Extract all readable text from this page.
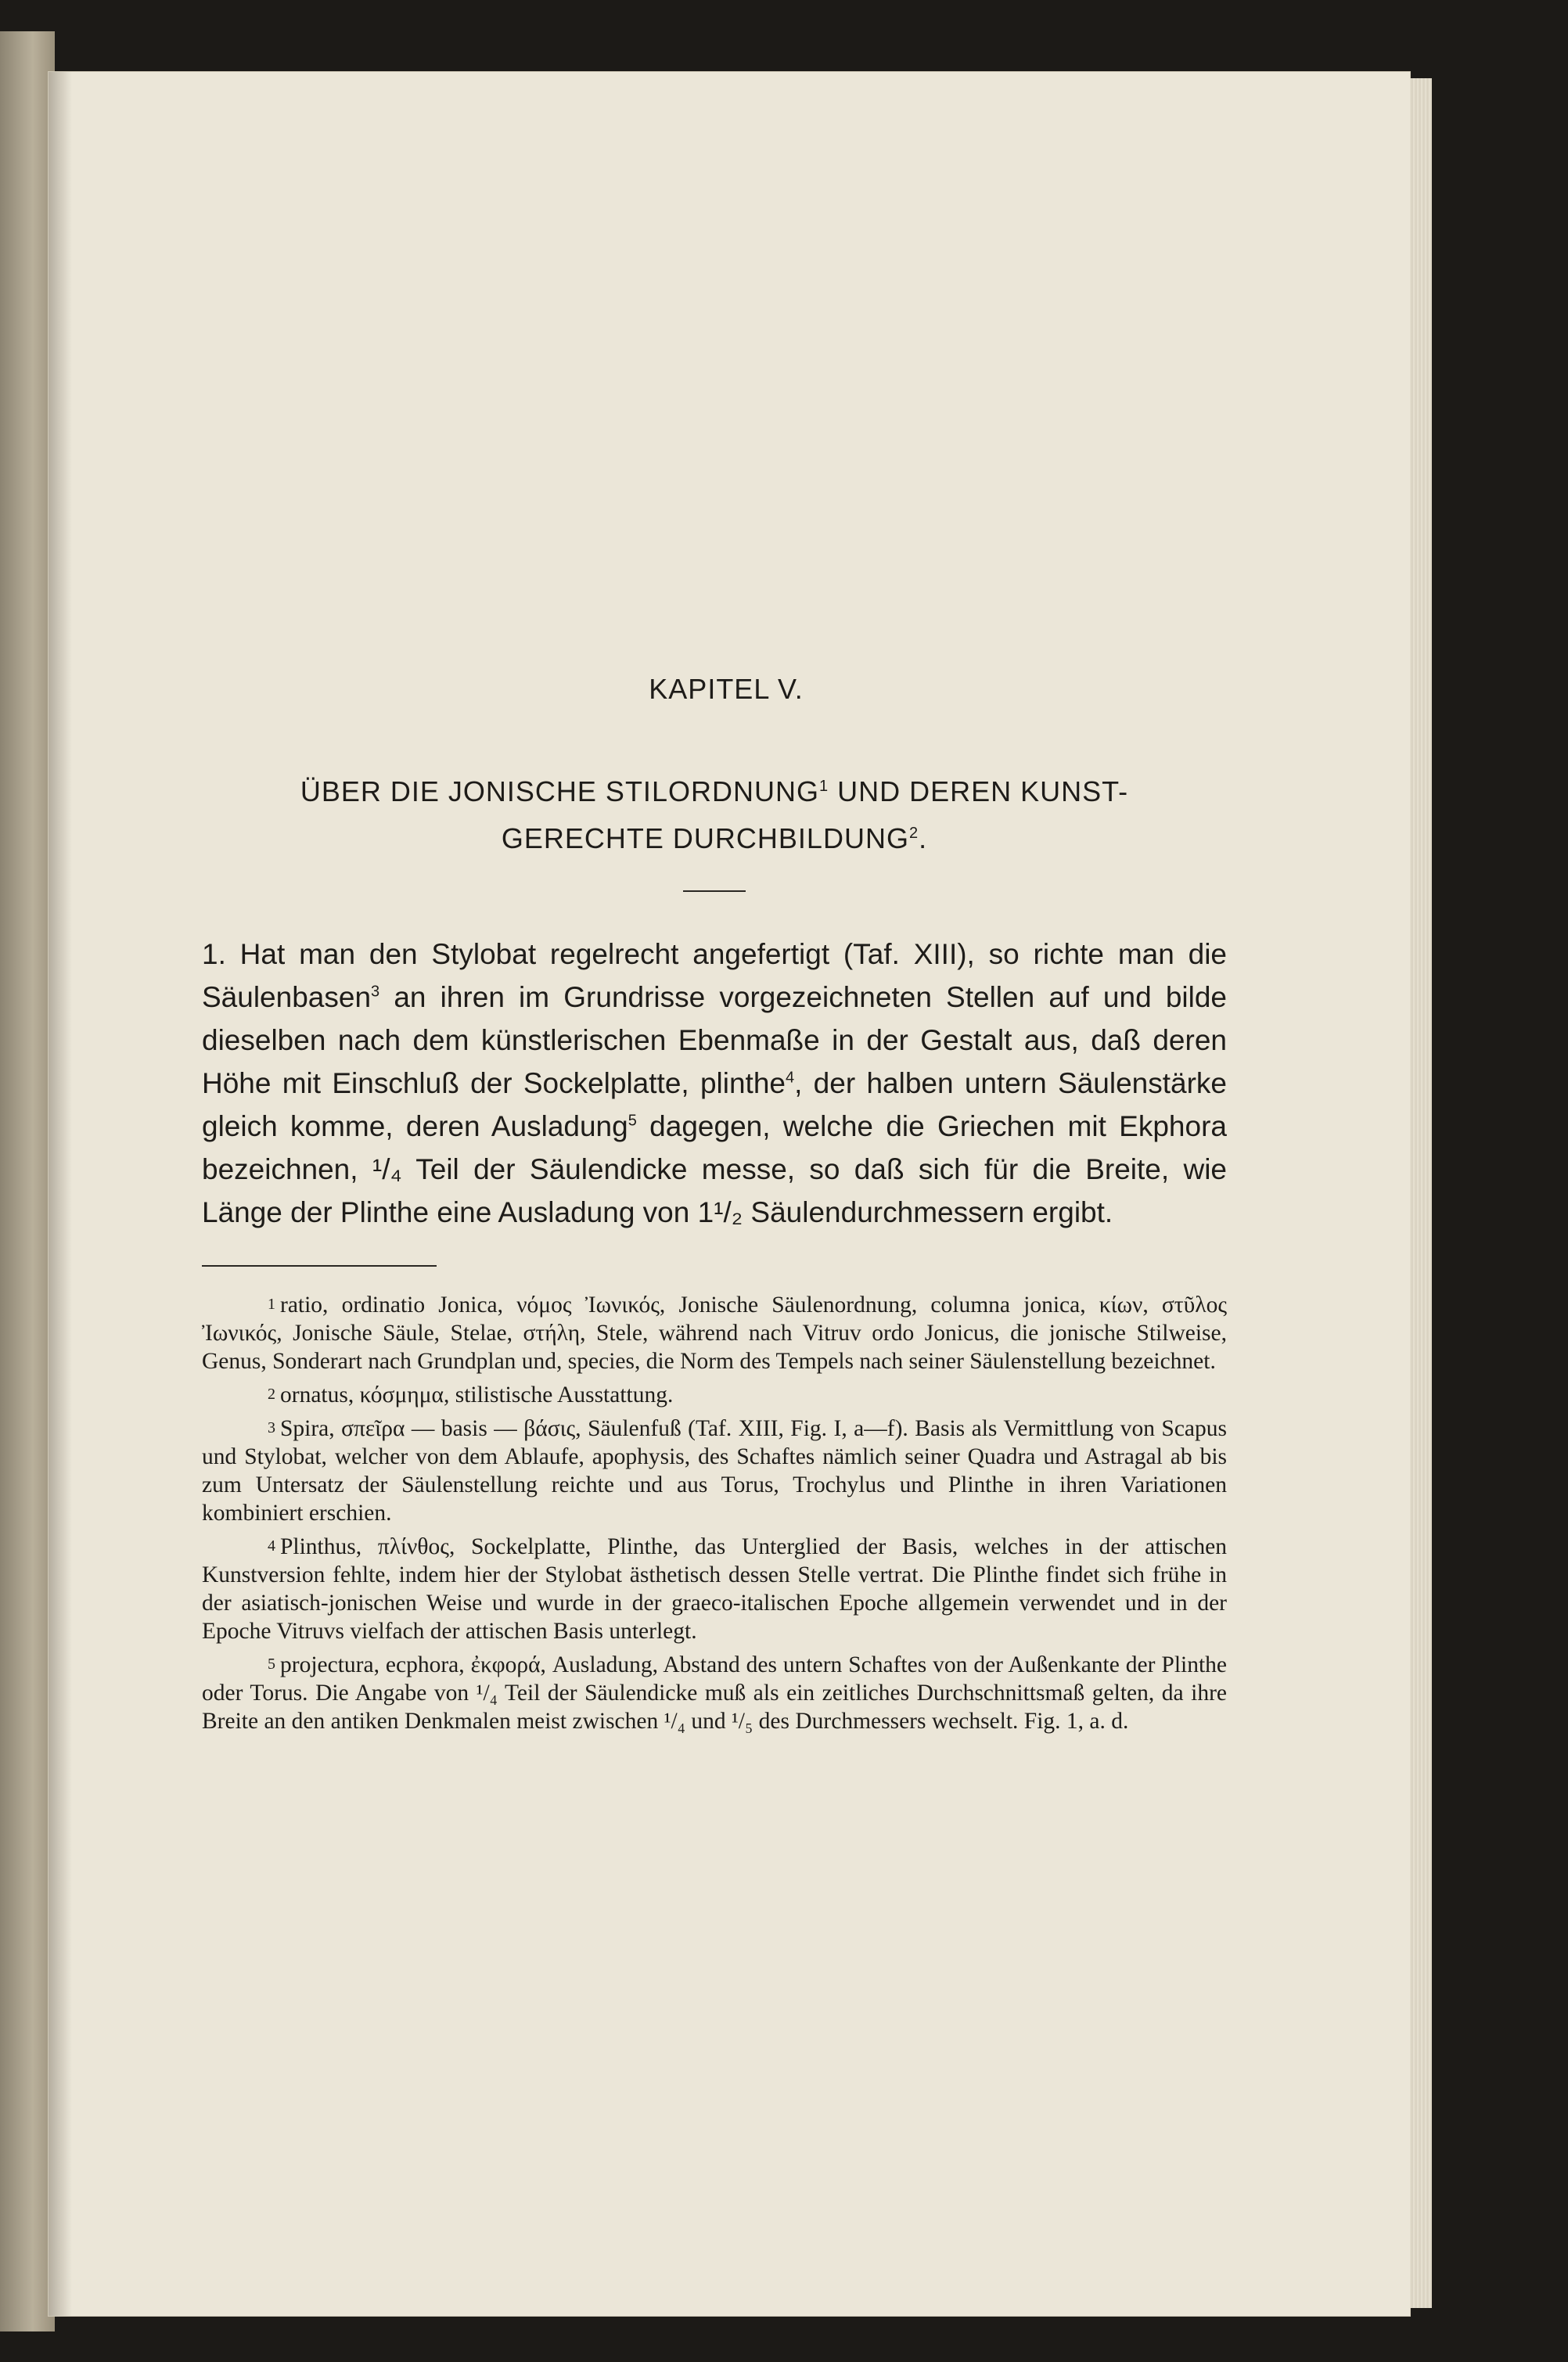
KAPITEL V.

ÜBER DIE JONISCHE STILORDNUNG$^1$ UND DEREN KUNST-
GERECHTE DURCHBILDUNG$^2$.

1. Hat man den Stylobat regelrecht angefertigt (Taf. XIII), so richte man die Säulenbasen$^3$ an ihren im Grundrisse vorgezeichneten Stellen auf und bilde dieselben nach dem künstlerischen Ebenmaße in der Gestalt aus, daß deren Höhe mit Einschluß der Sockelplatte, plinthe$^4$, der halben untern Säulenstärke gleich komme, deren Ausladung$^5$ dagegen, welche die Griechen mit Ekphora bezeichnen, ¹/₄ Teil der Säulendicke messe, so daß sich für die Breite, wie Länge der Plinthe eine Ausladung von 1¹/₂ Säulendurchmessern ergibt.

1 ratio, ordinatio Jonica, νόμος Ἰωνικός, Jonische Säulenordnung, columna jonica, κίων, στῦλος Ἰωνικός, Jonische Säule, Stelae, στήλη, Stele, während nach Vitruv ordo Jonicus, die jonische Stilweise, Genus, Sonderart nach Grundplan und, species, die Norm des Tempels nach seiner Säulenstellung bezeichnet.

2 ornatus, κόσμημα, stilistische Ausstattung.

3 Spira, σπεῖρα — basis — βάσις, Säulenfuß (Taf. XIII, Fig. I, a—f). Basis als Vermittlung von Scapus und Stylobat, welcher von dem Ablaufe, apophysis, des Schaftes nämlich seiner Quadra und Astragal ab bis zum Untersatz der Säulenstellung reichte und aus Torus, Trochylus und Plinthe in ihren Variationen kombiniert erschien.

4 Plinthus, πλίνθος, Sockelplatte, Plinthe, das Unterglied der Basis, welches in der attischen Kunstversion fehlte, indem hier der Stylobat ästhetisch dessen Stelle vertrat. Die Plinthe findet sich frühe in der asiatisch-jonischen Weise und wurde in der graeco-italischen Epoche allgemein verwendet und in der Epoche Vitruvs vielfach der attischen Basis unterlegt.

5 projectura, ecphora, ἐκφορά, Ausladung, Abstand des untern Schaftes von der Außenkante der Plinthe oder Torus. Die Angabe von ¹/₄ Teil der Säulendicke muß als ein zeitliches Durchschnittsmaß gelten, da ihre Breite an den antiken Denkmalen meist zwischen ¹/₄ und ¹/₅ des Durchmessers wechselt. Fig. 1, a. d.
